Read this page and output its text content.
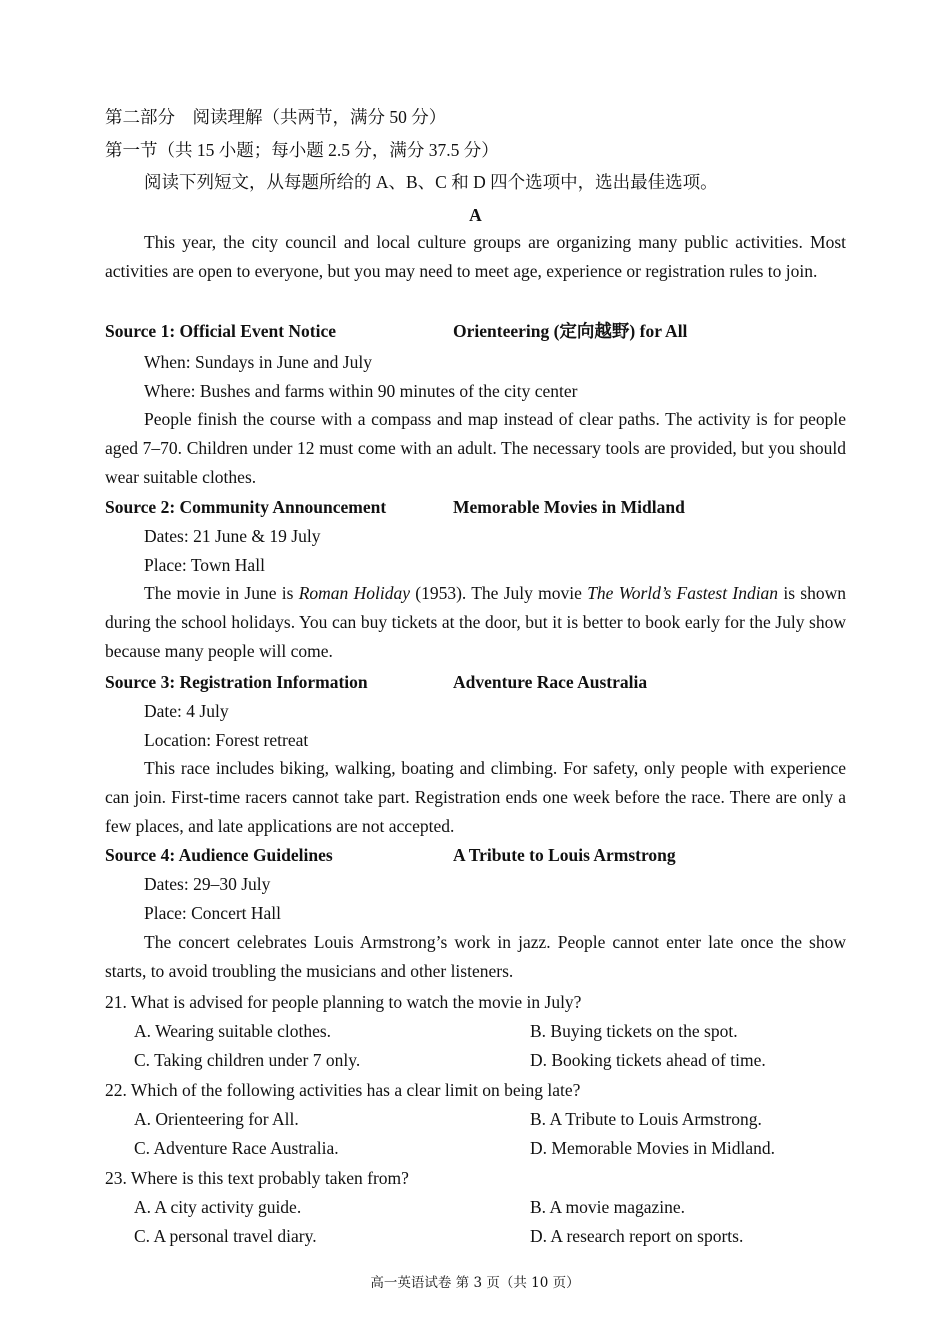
第二部分　阅读理解（共两节，满分 50 分）
第一节（共 15 小题；每小题 2.5 分，满分 37.5 分）
阅读下列短文，从每题所给的 A、B、C 和 D 四个选项中，选出最佳选项。
A
This year, the city council and local culture groups are organizing many public activities. Most activities are open to everyone, but you may need to meet age, experience or registration rules to join.
Source 1: Official Event Notice	Orienteering (定向越野) for All
When: Sundays in June and July
Where: Bushes and farms within 90 minutes of the city center
People finish the course with a compass and map instead of clear paths. The activity is for people aged 7–70. Children under 12 must come with an adult. The necessary tools are provided, but you should wear suitable clothes.
Source 2: Community Announcement	Memorable Movies in Midland
Dates: 21 June & 19 July
Place: Town Hall
The movie in June is Roman Holiday (1953). The July movie The World’s Fastest Indian is shown during the school holidays. You can buy tickets at the door, but it is better to book early for the July show because many people will come.
Source 3: Registration Information	Adventure Race Australia
Date: 4 July
Location: Forest retreat
This race includes biking, walking, boating and climbing. For safety, only people with experience can join. First-time racers cannot take part. Registration ends one week before the race. There are only a few places, and late applications are not accepted.
Source 4: Audience Guidelines	A Tribute to Louis Armstrong
Dates: 29–30 July
Place: Concert Hall
The concert celebrates Louis Armstrong’s work in jazz. People cannot enter late once the show starts, to avoid troubling the musicians and other listeners.
21. What is advised for people planning to watch the movie in July?
A. Wearing suitable clothes.	B. Buying tickets on the spot.
C. Taking children under 7 only.	D. Booking tickets ahead of time.
22. Which of the following activities has a clear limit on being late?
A. Orienteering for All.	B. A Tribute to Louis Armstrong.
C. Adventure Race Australia.	D. Memorable Movies in Midland.
23. Where is this text probably taken from?
A. A city activity guide.	B. A movie magazine.
C. A personal travel diary.	D. A research report on sports.
高一英语试卷 第 3 页（共 10 页）
